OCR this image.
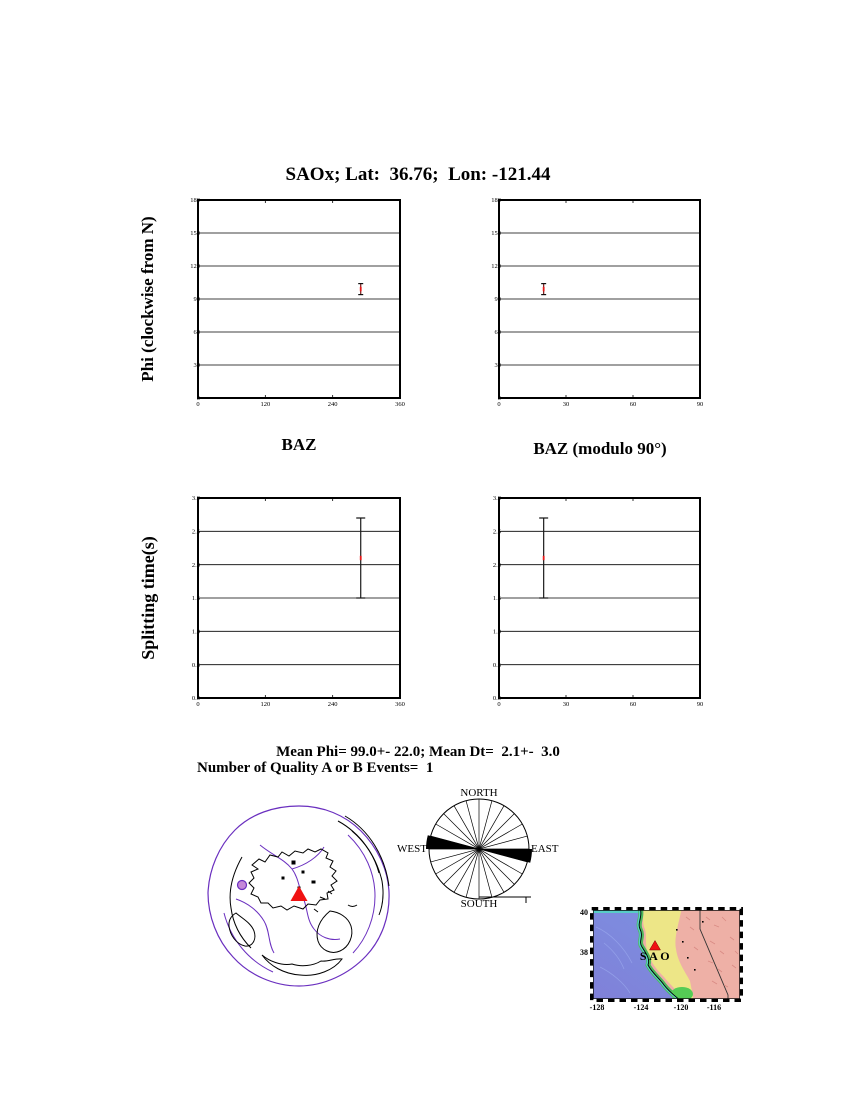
SAOx; Lat:  36.76;  Lon: -121.44
Phi (clockwise from N)
Splitting time(s)
0
30
60
90
120
150
180
0	120	240	360
0
30
60
90
120
150
180
0	30	60	90
0.0
0.5
1.0
1.5
2.0
2.5
3.0
0	120	240	360
0.0
0.5
1.0
1.5
2.0
2.5
3.0
0	30	60	90
BAZ	BAZ (modulo 90°)
Mean Phi= 99.0+- 22.0; Mean Dt=  2.1+-  3.0
Number of Quality A or B Events=  1
NORTH
SOUTH
WEST	EAST
SAO
40
38
-128	-124	-120	-116
